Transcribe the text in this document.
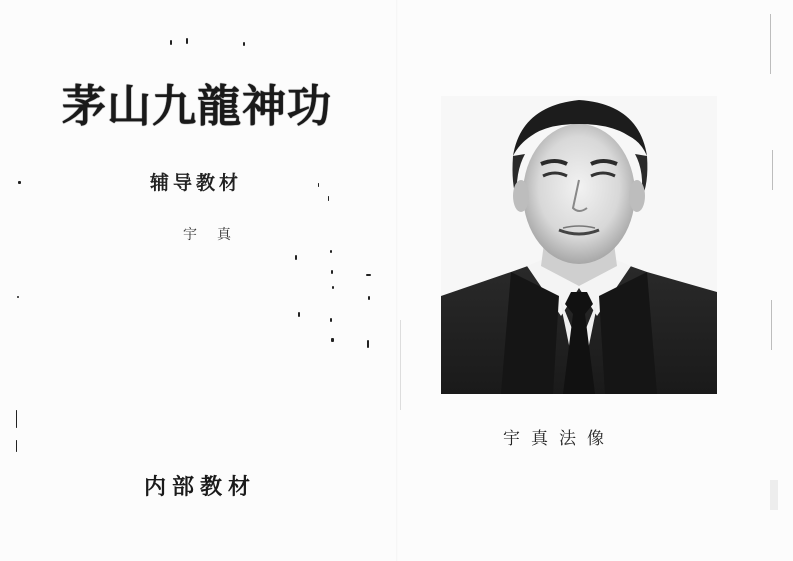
茅山九龍神功
辅导教材
宇真
内部教材
宇真法像
